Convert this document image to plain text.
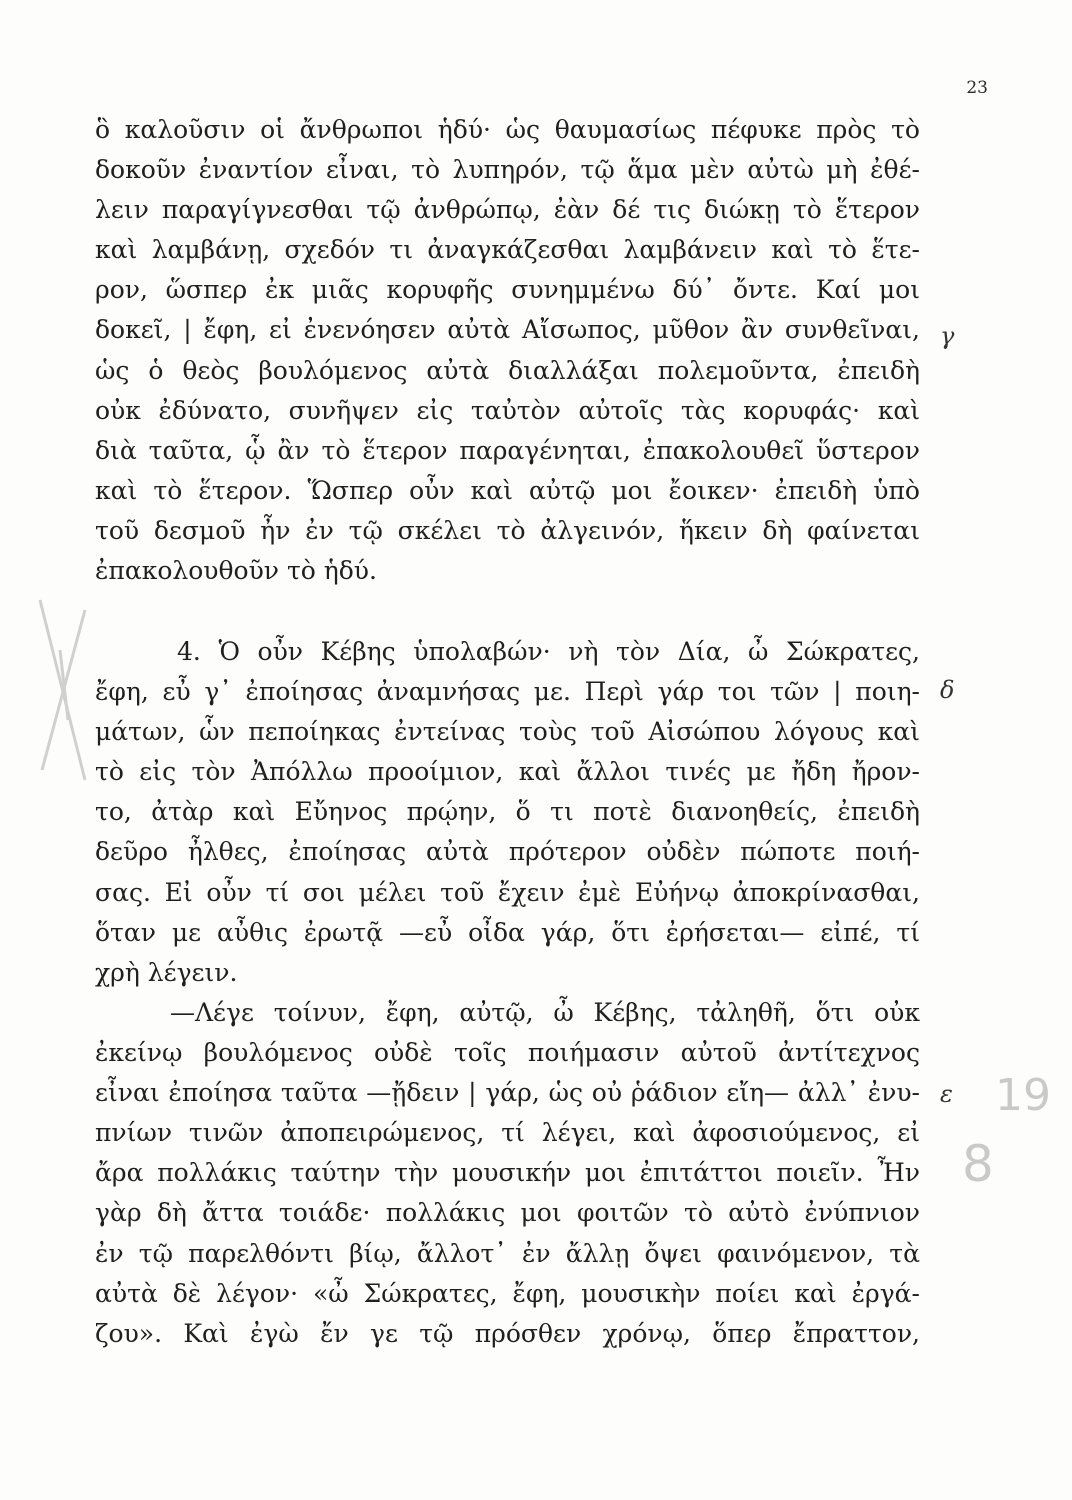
23
ὃ καλοῦσιν οἱ ἄνθρωποι ἡδύ· ὡς θαυμασίως πέφυκε πρὸς τὸ
δοκοῦν ἐναντίον εἶναι, τὸ λυπηρόν, τῷ ἅμα μὲν αὐτὼ μὴ ἐθέ-
λειν παραγίγνεσθαι τῷ ἀνθρώπῳ, ἐὰν δέ τις διώκῃ τὸ ἕτερον
καὶ λαμβάνῃ, σχεδόν τι ἀναγκάζεσθαι λαμβάνειν καὶ τὸ ἕτε-
ρον, ὥσπερ ἐκ μιᾶς κορυφῆς συνημμένω δύ᾽ ὄντε. Καί μοι
δοκεῖ, | ἔφη, εἰ ἐνενόησεν αὐτὰ Αἴσωπος, μῦθον ἂν συνθεῖναι,
ὡς ὁ θεὸς βουλόμενος αὐτὰ διαλλάξαι πολεμοῦντα, ἐπειδὴ
οὐκ ἐδύνατο, συνῆψεν εἰς ταὐτὸν αὐτοῖς τὰς κορυφάς· καὶ
διὰ ταῦτα, ᾧ ἂν τὸ ἕτερον παραγένηται, ἐπακολουθεῖ ὕστερον
καὶ τὸ ἕτερον. Ὥσπερ οὖν καὶ αὐτῷ μοι ἔοικεν· ἐπειδὴ ὑπὸ
τοῦ δεσμοῦ ἦν ἐν τῷ σκέλει τὸ ἀλγεινόν, ἥκειν δὴ φαίνεται
ἐπακολουθοῦν τὸ ἡδύ.
4. Ὁ οὖν Κέβης ὑπολαβών· νὴ τὸν Δία, ὦ Σώκρατες,
ἔφη, εὖ γ᾽ ἐποίησας ἀναμνήσας με. Περὶ γάρ τοι τῶν | ποιη-
μάτων, ὧν πεποίηκας ἐντείνας τοὺς τοῦ Αἰσώπου λόγους καὶ
τὸ εἰς τὸν Ἀπόλλω προοίμιον, καὶ ἄλλοι τινές με ἤδη ἤρον-
το, ἀτὰρ καὶ Εὔηνος πρῴην, ὅ τι ποτὲ διανοηθείς, ἐπειδὴ
δεῦρο ἦλθες, ἐποίησας αὐτὰ πρότερον οὐδὲν πώποτε ποιή-
σας. Εἰ οὖν τί σοι μέλει τοῦ ἔχειν ἐμὲ Εὐήνῳ ἀποκρίνασθαι,
ὅταν με αὖθις ἐρωτᾷ —εὖ οἶδα γάρ, ὅτι ἐρήσεται— εἰπέ, τί
χρὴ λέγειν.
—Λέγε τοίνυν, ἔφη, αὐτῷ, ὦ Κέβης, τἀληθῆ, ὅτι οὐκ
ἐκείνῳ βουλόμενος οὐδὲ τοῖς ποιήμασιν αὐτοῦ ἀντίτεχνος
εἶναι ἐποίησα ταῦτα —ᾔδειν | γάρ, ὡς οὐ ῥάδιον εἴη— ἀλλ᾽ ἐνυ-
πνίων τινῶν ἀποπειρώμενος, τί λέγει, καὶ ἀφοσιούμενος, εἰ
ἄρα πολλάκις ταύτην τὴν μουσικήν μοι ἐπιτάττοι ποιεῖν. Ἦν
γὰρ δὴ ἄττα τοιάδε· πολλάκις μοι φοιτῶν τὸ αὐτὸ ἐνύπνιον
ἐν τῷ παρελθόντι βίῳ, ἄλλοτ᾽ ἐν ἄλλῃ ὄψει φαινόμενον, τὰ
αὐτὰ δὲ λέγον· «ὦ Σώκρατες, ἔφη, μουσικὴν ποίει καὶ ἐργά-
ζου». Καὶ ἐγὼ ἔν γε τῷ πρόσθεν χρόνῳ, ὅπερ ἔπραττον,
γ
δ
ε 19
8
